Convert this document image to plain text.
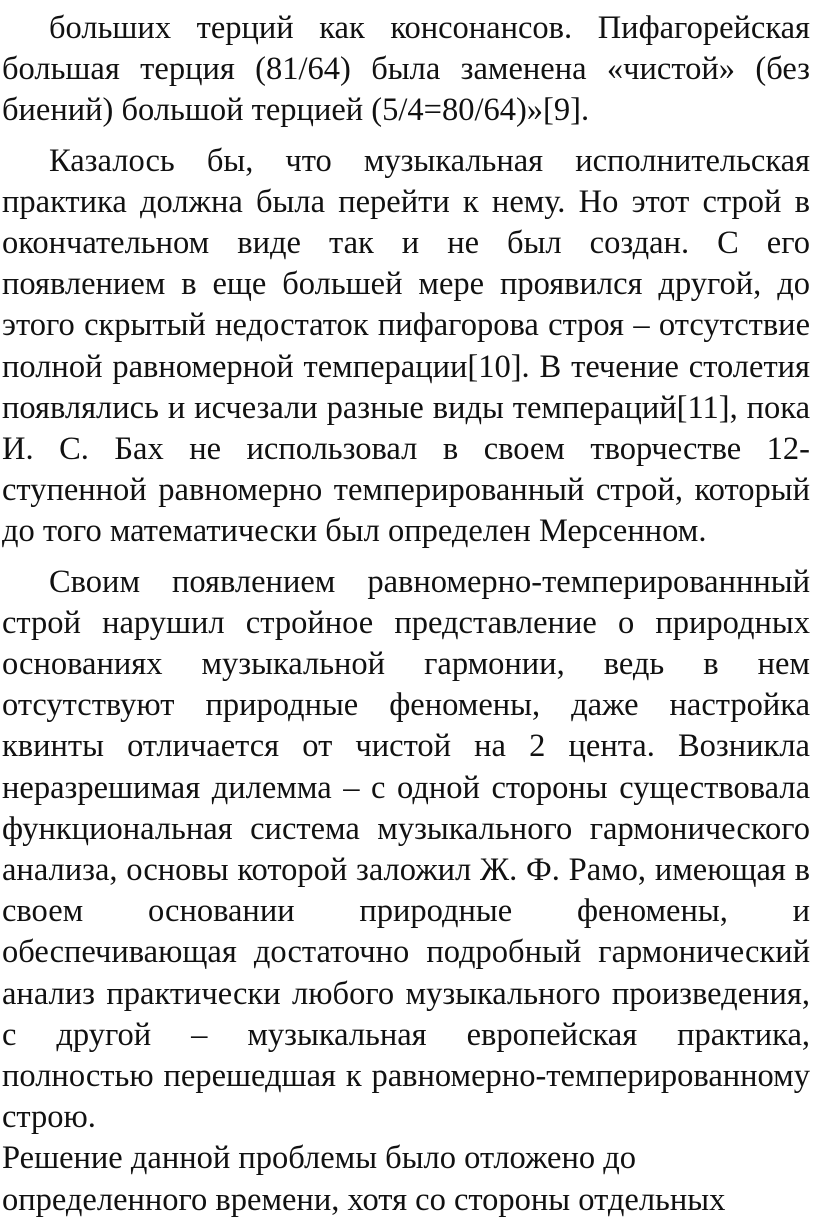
больших терций как консонансов. Пифагорейская большая терция (81/64) была заменена «чистой» (без биений) большой терцией (5/4=80/64)»[9].

Казалось бы, что музыкальная исполнительская практика должна была перейти к нему. Но этот строй в окончательном виде так и не был создан. С его появлением в еще большей мере проявился другой, до этого скрытый недостаток пифагорова строя – отсутствие полной равномерной темперации[10]. В течение столетия появлялись и исчезали разные виды темпераций[11], пока И. С. Бах не использовал в своем творчестве 12-ступенной равномерно темперированный строй, который до того математически был определен Мерсенном.

Своим появлением равномерно-темперированнный строй нарушил стройное представление о природных основаниях музыкальной гармонии, ведь в нем отсутствуют природные феномены, даже настройка квинты отличается от чистой на 2 цента. Возникла неразрешимая дилемма – с одной стороны существовала функциональная система музыкального гармонического анализа, основы которой заложил Ж. Ф. Рамо, имеющая в своем основании природные феномены, и обеспечивающая достаточно подробный гармонический анализ практически любого музыкального произведения, с другой – музыкальная европейская практика, полностью перешедшая к равномерно-темперированному строю.

Решение данной проблемы было отложено до

определенного времени, хотя со стороны отдельных
